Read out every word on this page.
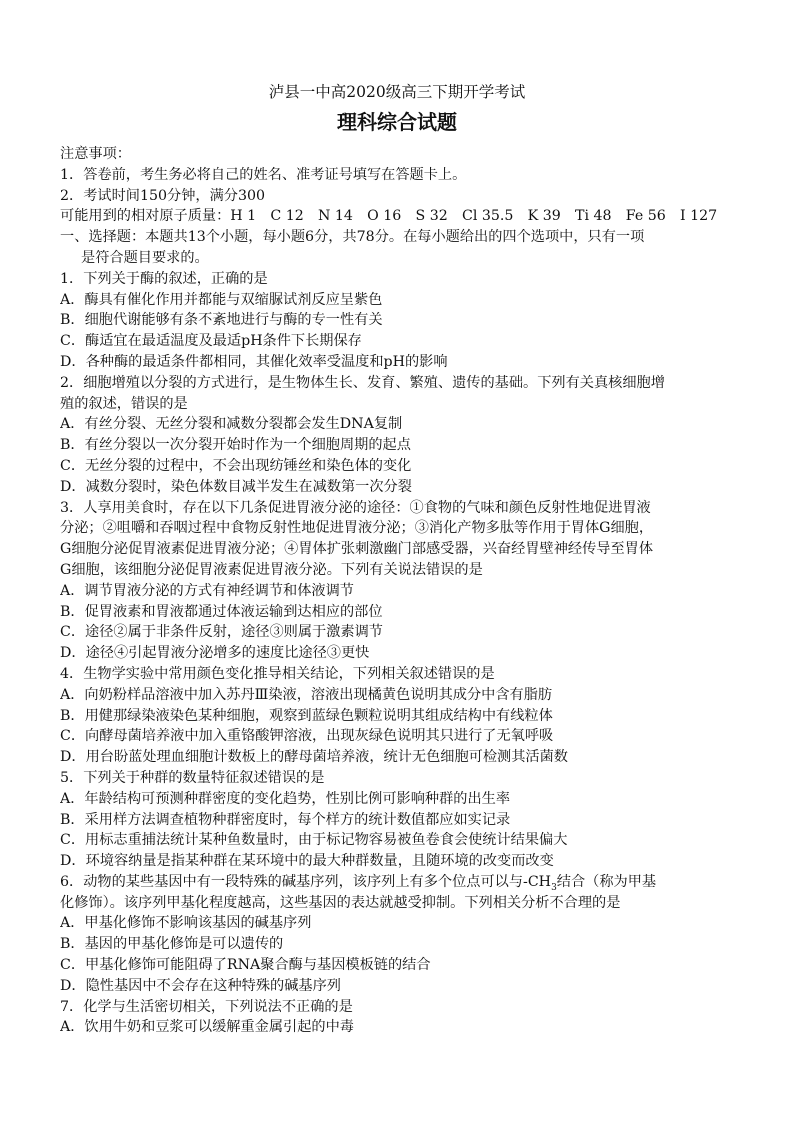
泸县一中高2020级高三下期开学考试
理科综合试题
注意事项：
1．答卷前，考生务必将自己的姓名、准考证号填写在答题卡上。
2．考试时间150分钟，满分300
可能用到的相对原子质量：H 1　C 12　N 14　O 16　S 32　Cl 35.5　K 39　Ti 48　Fe 56　I 127
一、选择题：本题共13个小题，每小题6分，共78分。在每小题给出的四个选项中，只有一项
是符合题目要求的。
1．下列关于酶的叙述，正确的是
A．酶具有催化作用并都能与双缩脲试剂反应呈紫色
B．细胞代谢能够有条不紊地进行与酶的专一性有关
C．酶适宜在最适温度及最适pH条件下长期保存
D．各种酶的最适条件都相同，其催化效率受温度和pH的影响
2．细胞增殖以分裂的方式进行，是生物体生长、发育、繁殖、遗传的基础。下列有关真核细胞增
殖的叙述，错误的是
A．有丝分裂、无丝分裂和减数分裂都会发生DNA复制
B．有丝分裂以一次分裂开始时作为一个细胞周期的起点
C．无丝分裂的过程中，不会出现纺锤丝和染色体的变化
D．减数分裂时，染色体数目减半发生在减数第一次分裂
3．人享用美食时，存在以下几条促进胃液分泌的途径：①食物的气味和颜色反射性地促进胃液
分泌；②咀嚼和吞咽过程中食物反射性地促进胃液分泌；③消化产物多肽等作用于胃体G细胞，
G细胞分泌促胃液素促进胃液分泌；④胃体扩张刺激幽门部感受器，兴奋经胃壁神经传导至胃体
G细胞，该细胞分泌促胃液素促进胃液分泌。下列有关说法错误的是
A．调节胃液分泌的方式有神经调节和体液调节
B．促胃液素和胃液都通过体液运输到达相应的部位
C．途径②属于非条件反射，途径③则属于激素调节
D．途径④引起胃液分泌增多的速度比途径③更快
4．生物学实验中常用颜色变化推导相关结论，下列相关叙述错误的是
A．向奶粉样品溶液中加入苏丹Ⅲ染液，溶液出现橘黄色说明其成分中含有脂肪
B．用健那绿染液染色某种细胞，观察到蓝绿色颗粒说明其组成结构中有线粒体
C．向酵母菌培养液中加入重铬酸钾溶液，出现灰绿色说明其只进行了无氧呼吸
D．用台盼蓝处理血细胞计数板上的酵母菌培养液，统计无色细胞可检测其活菌数
5．下列关于种群的数量特征叙述错误的是
A．年龄结构可预测种群密度的变化趋势，性别比例可影响种群的出生率
B．采用样方法调查植物种群密度时，每个样方的统计数值都应如实记录
C．用标志重捕法统计某种鱼数量时，由于标记物容易被鱼卷食会使统计结果偏大
D．环境容纳量是指某种群在某环境中的最大种群数量，且随环境的改变而改变
6．动物的某些基因中有一段特殊的碱基序列，该序列上有多个位点可以与$-CH_3$结合（称为甲基
化修饰）。该序列甲基化程度越高，这些基因的表达就越受抑制。下列相关分析不合理的是
A．甲基化修饰不影响该基因的碱基序列
B．基因的甲基化修饰是可以遗传的
C．甲基化修饰可能阻碍了RNA聚合酶与基因模板链的结合
D．隐性基因中不会存在这种特殊的碱基序列
7．化学与生活密切相关，下列说法不正确的是
A．饮用牛奶和豆浆可以缓解重金属引起的中毒
